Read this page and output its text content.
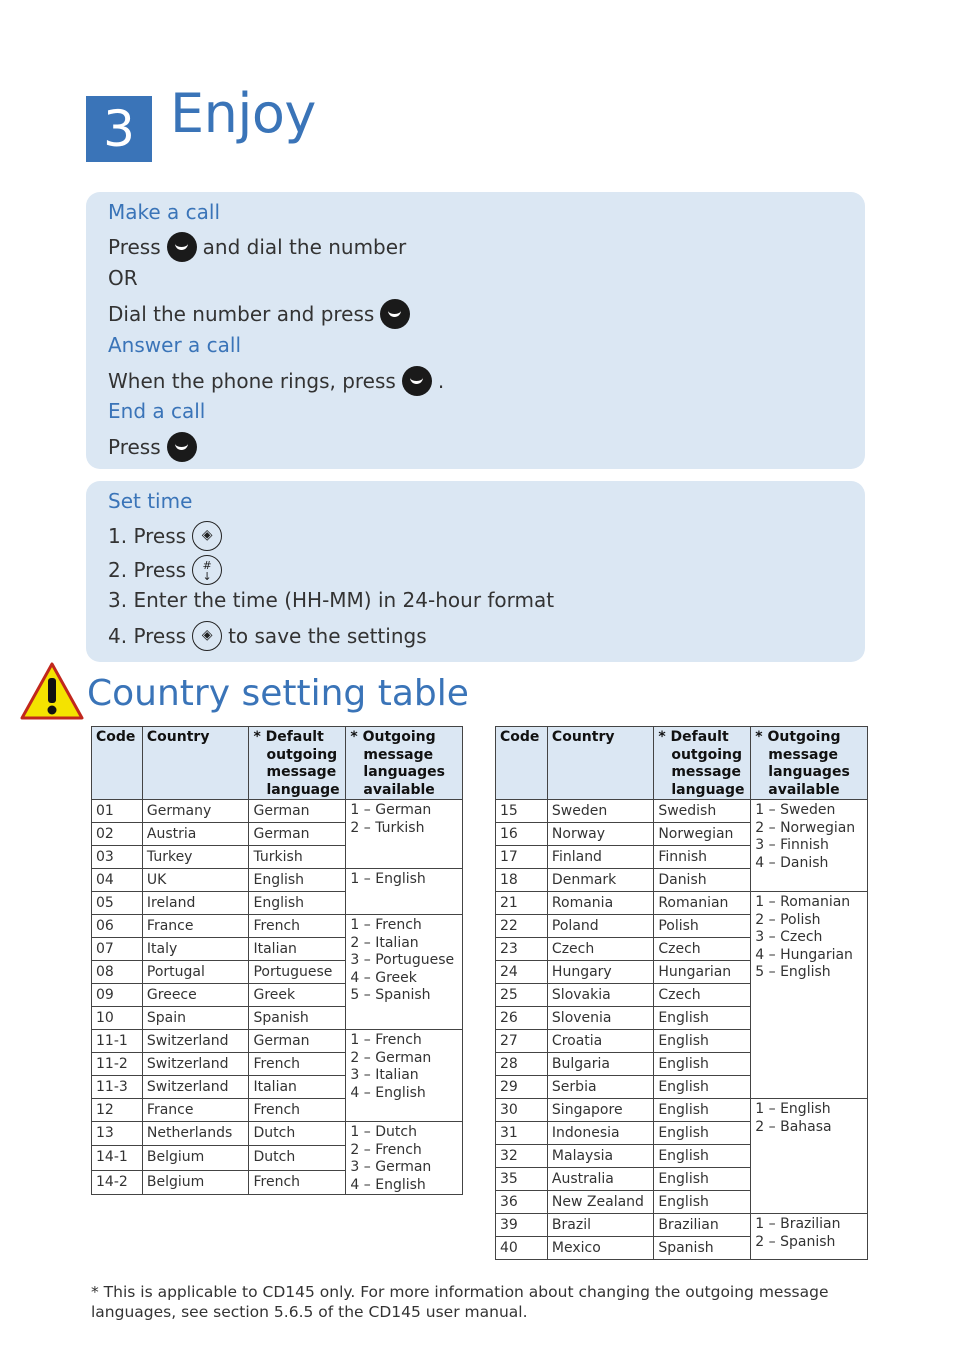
3 Enjoy
Make a call
Press and dial the number
OR
Dial the number and press
Answer a call
When the phone rings, press .
End a call
Press
Set time
1. Press	◈
2. Press	#
↓
3. Enter the time (HH-MM) in 24-hour format
4. Press	◈ to save the settings
Country setting table
Code	Country	* Default
outgoing
message
language	* Outgoing
message
languages
available

01	Germany	German	1 – German
2 – Turkish

02	Austria	German	
03	Turkey	Turkish	
04	UK	English	1 – English

05	Ireland	English	
06	France	French	1 – French
2 – Italian
3 – Portuguese
4 – Greek
5 – Spanish

07	Italy	Italian	
08	Portugal	Portuguese	
09	Greece	Greek	
10	Spain	Spanish	
11-1	Switzerland	German	1 – French
2 – German
3 – Italian
4 – English

11-2	Switzerland	French	
11-3	Switzerland	Italian	
12	France	French	
13	Netherlands	Dutch	1 – Dutch
2 – French
3 – German
4 – English

14-1	Belgium	Dutch	
14-2	Belgium	French	
Code	Country	* Default
outgoing
message
language	* Outgoing
message
languages
available

15	Sweden	Swedish	1 – Sweden
2 – Norwegian
3 – Finnish
4 – Danish

16	Norway	Norwegian	
17	Finland	Finnish	
18	Denmark	Danish	
21	Romania	Romanian	1 – Romanian
2 – Polish
3 – Czech
4 – Hungarian
5 – English

22	Poland	Polish	
23	Czech	Czech	
24	Hungary	Hungarian	
25	Slovakia	Czech	
26	Slovenia	English	
27	Croatia	English	
28	Bulgaria	English	
29	Serbia	English	
30	Singapore	English	1 – English
2 – Bahasa

31	Indonesia	English	
32	Malaysia	English	
35	Australia	English	
36	New Zealand	English	
39	Brazil	Brazilian	1 – Brazilian
2 – Spanish

40	Mexico	Spanish	
* This is applicable to CD145 only. For more information about changing the outgoing message languages, see section 5.6.5 of the CD145 user manual.
